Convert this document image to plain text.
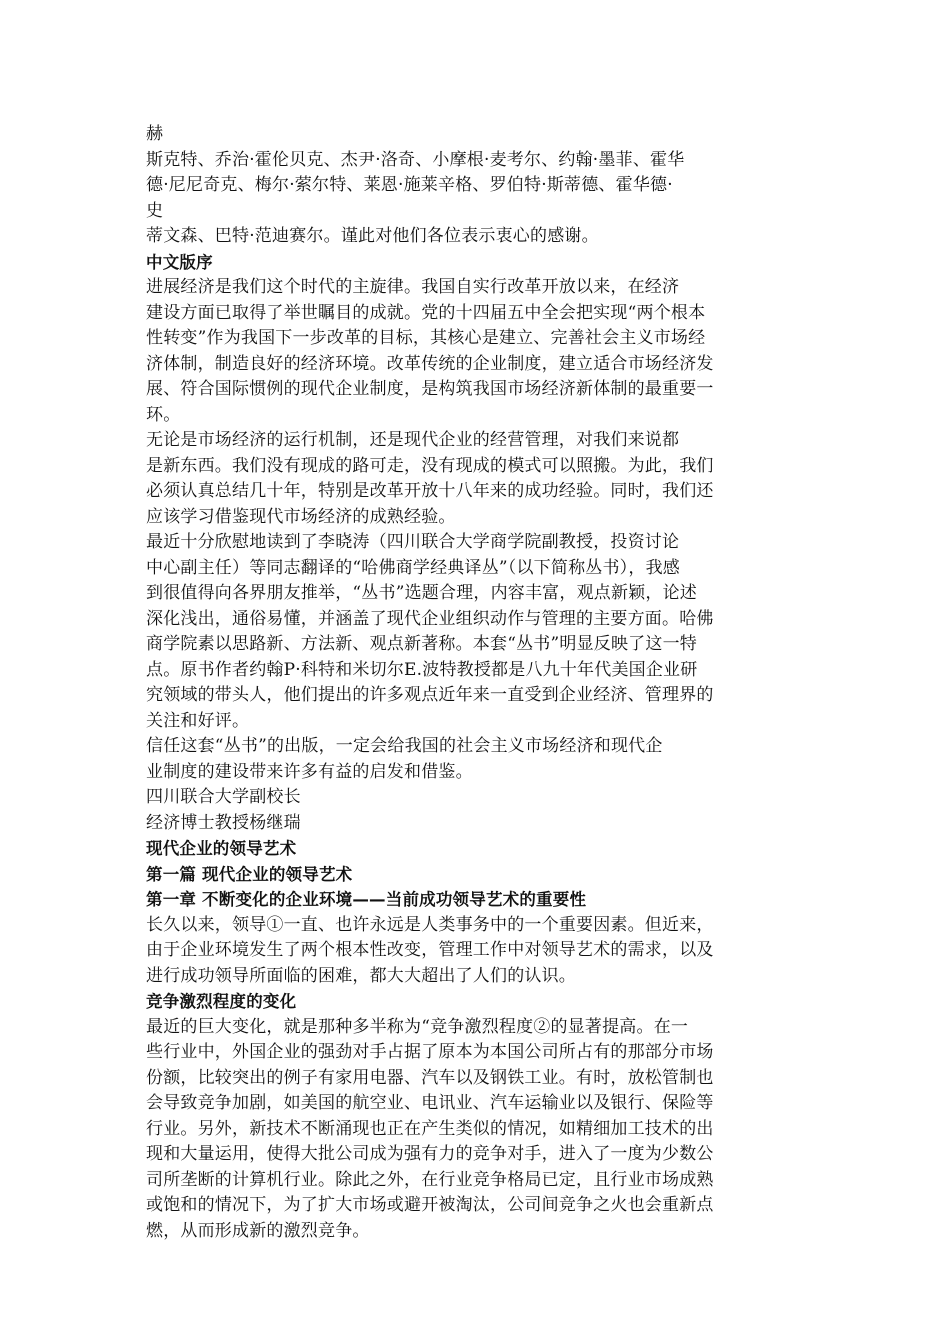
赫
斯克特、乔治·霍伦贝克、杰尹·洛奇、小摩根·麦考尔、约翰·墨菲、霍华
德·尼尼奇克、梅尔·萦尔特、莱恩·施莱辛格、罗伯特·斯蒂德、霍华德·
史
蒂文森、巴特·范迪赛尔。谨此对他们各位表示衷心的感谢。
中文版序
进展经济是我们这个时代的主旋律。我国自实行改革开放以来，在经济
建设方面已取得了举世瞩目的成就。党的十四届五中全会把实现“两个根本
性转变”作为我国下一步改革的目标，其核心是建立、完善社会主义市场经
济体制，制造良好的经济环境。改革传统的企业制度，建立适合市场经济发
展、符合国际惯例的现代企业制度，是构筑我国市场经济新体制的最重要一
环。
无论是市场经济的运行机制，还是现代企业的经营管理，对我们来说都
是新东西。我们没有现成的路可走，没有现成的模式可以照搬。为此，我们
必须认真总结几十年，特别是改革开放十八年来的成功经验。同时，我们还
应该学习借鉴现代市场经济的成熟经验。
最近十分欣慰地读到了李晓涛（四川联合大学商学院副教授，投资讨论
中心副主任）等同志翻译的“哈佛商学经典译丛”（以下简称丛书），我感
到很值得向各界朋友推举，“丛书”选题合理，内容丰富，观点新颖，论述
深化浅出，通俗易懂，并涵盖了现代企业组织动作与管理的主要方面。哈佛
商学院素以思路新、方法新、观点新著称。本套“丛书”明显反映了这一特
点。原书作者约翰P·科特和米切尔E.波特教授都是八九十年代美国企业研
究领域的带头人，他们提出的许多观点近年来一直受到企业经济、管理界的
关注和好评。
信任这套“丛书”的出版，一定会给我国的社会主义市场经济和现代企
业制度的建设带来许多有益的启发和借鉴。
四川联合大学副校长
经济博士教授杨继瑞
现代企业的领导艺术
第一篇 现代企业的领导艺术
第一章 不断变化的企业环境——当前成功领导艺术的重要性
长久以来，领导①一直、也许永远是人类事务中的一个重要因素。但近来，
由于企业环境发生了两个根本性改变，管理工作中对领导艺术的需求，以及
进行成功领导所面临的困难，都大大超出了人们的认识。
竞争激烈程度的变化
最近的巨大变化，就是那种多半称为“竞争激烈程度②的显著提高。在一
些行业中，外国企业的强劲对手占据了原本为本国公司所占有的那部分市场
份额，比较突出的例子有家用电器、汽车以及钢铁工业。有时，放松管制也
会导致竞争加剧，如美国的航空业、电讯业、汽车运输业以及银行、保险等
行业。另外，新技术不断涌现也正在产生类似的情况，如精细加工技术的出
现和大量运用，使得大批公司成为强有力的竞争对手，进入了一度为少数公
司所垄断的计算机行业。除此之外，在行业竞争格局已定，且行业市场成熟
或饱和的情况下，为了扩大市场或避开被淘汰，公司间竞争之火也会重新点
燃，从而形成新的激烈竞争。
